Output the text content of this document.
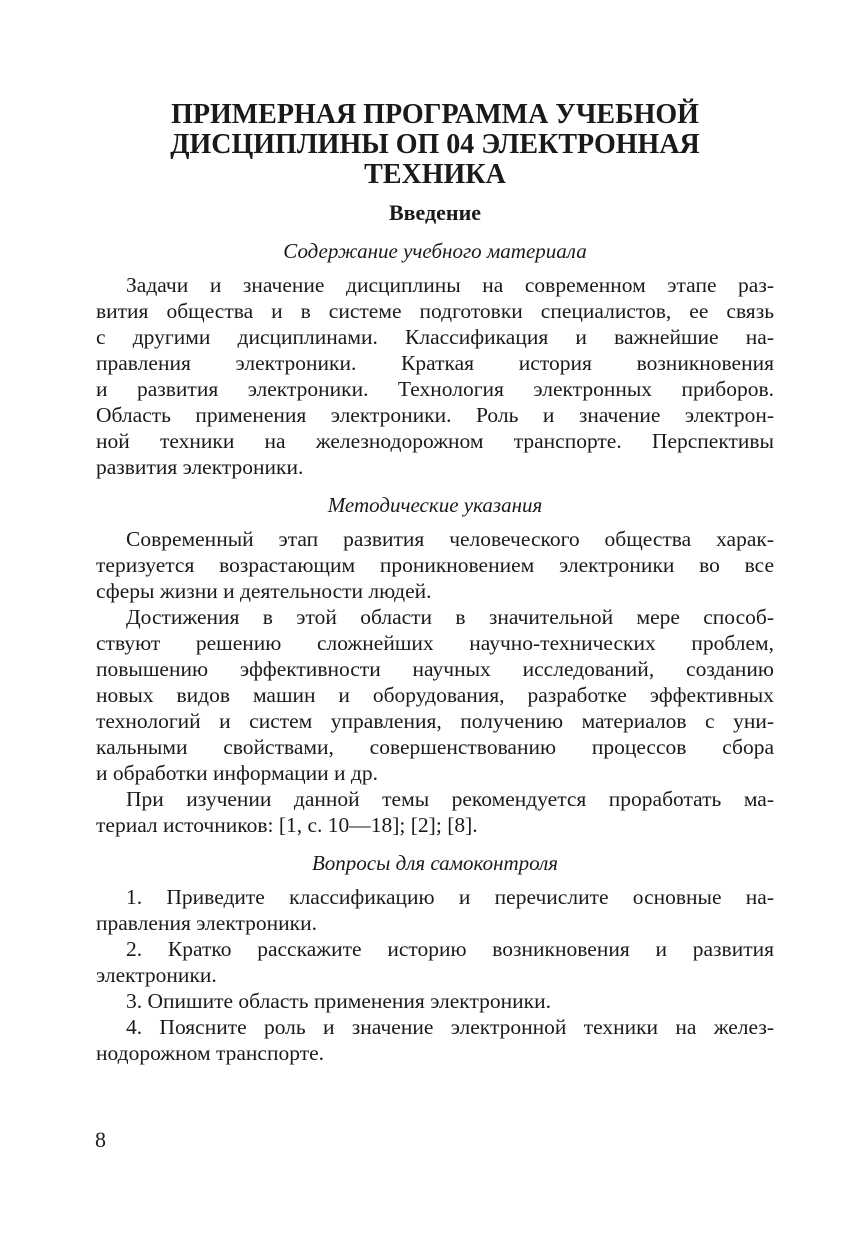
ПРИМЕРНАЯ ПРОГРАММА УЧЕБНОЙ
ДИСЦИПЛИНЫ ОП 04 ЭЛЕКТРОННАЯ
ТЕХНИКА
Введение
Содержание учебного материала
Задачи и значение дисциплины на современном этапе раз-
вития общества и в системе подготовки специалистов, ее связь
с другими дисциплинами. Классификация и важнейшие на-
правления электроники. Краткая история возникновения
и развития электроники. Технология электронных приборов.
Область применения электроники. Роль и значение электрон-
ной техники на железнодорожном транспорте. Перспективы
развития электроники.
Методические указания
Современный этап развития человеческого общества харак-
теризуется возрастающим проникновением электроники во все
сферы жизни и деятельности людей.
Достижения в этой области в значительной мере способ-
ствуют решению сложнейших научно-технических проблем,
повышению эффективности научных исследований, созданию
новых видов машин и оборудования, разработке эффективных
технологий и систем управления, получению материалов с уни-
кальными свойствами, совершенствованию процессов сбора
и обработки информации и др.
При изучении данной темы рекомендуется проработать ма-
териал источников: [1, с. 10—18]; [2]; [8].
Вопросы для самоконтроля
1. Приведите классификацию и перечислите основные на-
правления электроники.
2. Кратко расскажите историю возникновения и развития
электроники.
3. Опишите область применения электроники.
4. Поясните роль и значение электронной техники на желез-
нодорожном транспорте.
8
